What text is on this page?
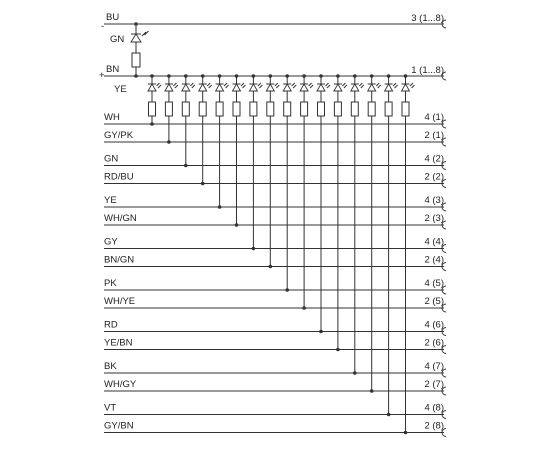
BU
-
3 (1...8)
GN
BN
+	1 (1...8)
YE
WH	4 (1)
GY/PK	2 (1)
GN	4 (2)
RD/BU	2 (2)
YE	4 (3)
WH/GN	2 (3)
GY	4 (4)
BN/GN	2 (4)
PK	4 (5)
WH/YE	2 (5)
RD	4 (6)
YE/BN	2 (6)
BK	4 (7)
WH/GY	2 (7)
VT	4 (8)
GY/BN	2 (8)
